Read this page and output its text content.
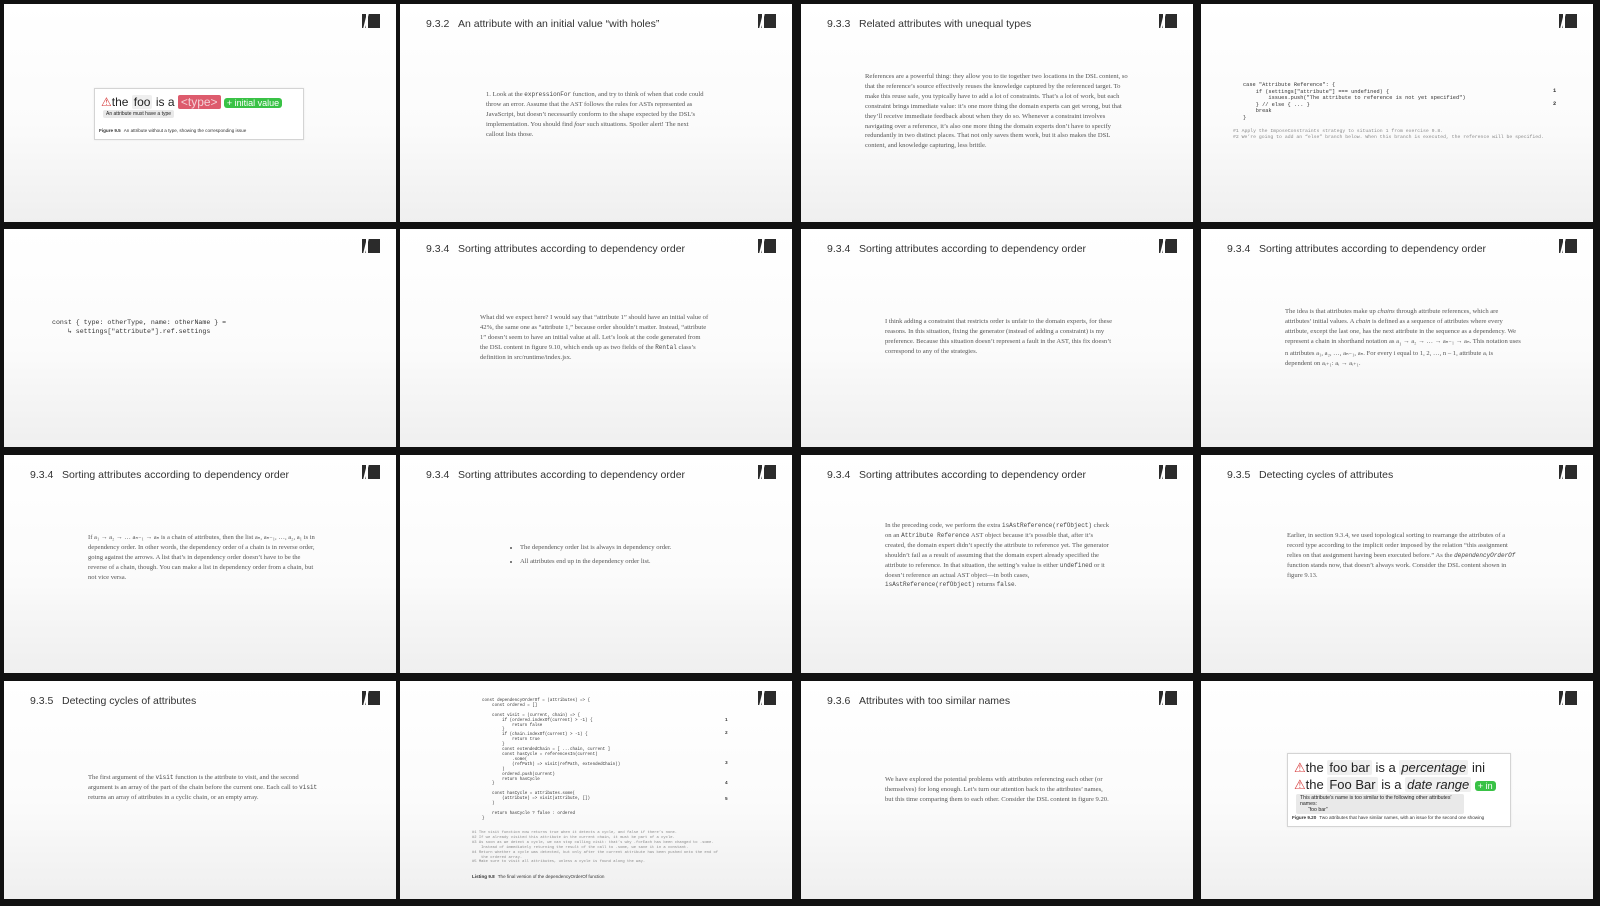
⚠the foo is a <type> + initial value
An attribute must have a type
Figure 9.5 An attribute without a type, showing the corresponding issue
9.3.2 An attribute with an initial value “with holes”
1. Look at the expressionFor function, and try to think of when that code could throw an error. Assume that the AST follows the rules for ASTs represented as JavaScript, but doesn’t necessarily conform to the shape expected by the DSL’s implementation. You should find four such situations. Spoiler alert! The next callout lists those.
9.3.3 Related attributes with unequal types
References are a powerful thing: they allow you to tie together two locations in the DSL content, so that the reference’s source effectively reuses the knowledge captured by the referenced target. To make this reuse safe, you typically have to add a lot of constraints. That’s a lot of work, but each constraint brings immediate value: it’s one more thing the domain experts can get wrong, but that they’ll receive immediate feedback about when they do so. Whenever a constraint involves navigating over a reference, it’s also one more thing the domain experts don’t have to specify redundantly in two distinct places. That not only saves them work, but it also makes the DSL content, and knowledge capturing, less brittle.
case "Attribute Reference": {
if (settings["attribute"] === undefined) {
issues.push("The attribute to reference is not yet specified")
} // else { ... }
break
}
1
2
#1 Apply the ImposeConstraints strategy to situation 1 from exercise 9.8.
#2 We’re going to add an “else” branch below. When this branch is executed, the reference will be specified.
const { type: otherType, name: otherName } =
↳ settings["attribute"].ref.settings
9.3.4 Sorting attributes according to dependency order
What did we expect here? I would say that “attribute 1” should have an initial value of 42%, the same one as “attribute 1,” because order shouldn’t matter. Instead, “attribute 1” doesn’t seem to have an initial value at all. Let’s look at the code generated from the DSL content in figure 9.10, which ends up as two fields of the Rental class’s definition in src/runtime/index.jsx.
9.3.4 Sorting attributes according to dependency order
I think adding a constraint that restricts order is unfair to the domain experts, for these reasons. In this situation, fixing the generator (instead of adding a constraint) is my preference. Because this situation doesn’t represent a fault in the AST, this fix doesn’t correspond to any of the strategies.
9.3.4 Sorting attributes according to dependency order
The idea is that attributes make up chains through attribute references, which are attributes’ initial values. A chain is defined as a sequence of attributes where every attribute, except the last one, has the next attribute in the sequence as a dependency. We represent a chain in shorthand notation as $a_1 \to a_2$ → … → aₙ₋₁ → aₙ. This notation uses n attributes a₁, a₂, …, aₙ₋₁, aₙ. For every i equal to 1, 2, …, n – 1, attribute aᵢ is dependent on aᵢ₊₁: aᵢ → aᵢ₊₁.
9.3.4 Sorting attributes according to dependency order
If a₁ → a₂ → … aₙ₋₁ → aₙ is a chain of attributes, then the list aₙ, aₙ₋₁, …, a₂, a₁ is in dependency order. In other words, the dependency order of a chain is in reverse order, going against the arrows. A list that’s in dependency order doesn’t have to be the reverse of a chain, though. You can make a list in dependency order from a chain, but not vice versa.
9.3.4 Sorting attributes according to dependency order
• The dependency order list is always in dependency order.
• All attributes end up in the dependency order list.
9.3.4 Sorting attributes according to dependency order
In the preceding code, we perform the extra isAstReference(refObject) check on an Attribute Reference AST object because it’s possible that, after it’s created, the domain expert didn’t specify the attribute to reference yet. The generator shouldn’t fail as a result of assuming that the domain expert already specified the attribute to reference. In that situation, the setting’s value is either undefined or it doesn’t reference an actual AST object—in both cases, isAstReference(refObject) returns false.
9.3.5 Detecting cycles of attributes
Earlier, in section 9.3.4, we used topological sorting to rearrange the attributes of a record type according to the implicit order imposed by the relation “this assignment relies on that assignment having been executed before.” As the dependencyOrderOf function stands now, that doesn’t always work. Consider the DSL content shown in figure 9.13.
9.3.5 Detecting cycles of attributes
The first argument of the visit function is the attribute to visit, and the second argument is an array of the part of the chain before the current one. Each call to visit returns an array of attributes in a cyclic chain, or an empty array.
const dependencyOrderOf = (attributes) => {
const ordered = []

const visit = (current, chain) => {
if (ordered.indexOf(current) > -1) {
return false
}
if (chain.indexOf(current) > -1) {
return true
}
const extendedChain = [ ...chain, current ]
const hasCycle = referencesIn(current)
.some(
(refPath) => visit(refPath, extendedChain))
)
ordered.push(current)
return hasCycle
}

const hasCycle = attributes.some(
(attribute) => visit(attribute, [])
)

return hasCycle ? false : ordered
}
1
2
3
4
5
#1 The visit function now returns true when it detects a cycle, and false if there’s none.
#2 If we already visited this attribute in the current chain, it must be part of a cycle.
#3 As soon as we detect a cycle, we can stop calling visit: that’s why .forEach has been changed to .some.
Instead of immediately returning the result of the call to .some, we save it in a constant.
#4 Return whether a cycle was detected, but only after the current attribute has been pushed onto the end of
the ordered array.
#5 Make sure to visit all attributes, unless a cycle is found along the way.
Listing 9.8 The final version of the dependencyOrderOf function
9.3.6 Attributes with too similar names
We have explored the potential problems with attributes referencing each other (or themselves) for long enough. Let’s turn our attention back to the attributes’ names, but this time comparing them to each other. Consider the DSL content in figure 9.20.
⚠the foo bar is a percentage ini
⚠the Foo Bar is a date range + in
This attribute’s name is too similar to the following other attributes’ names:
“foo bar”
Figure 9.20 Two attributes that have similar names, with an issue for the second one showing
